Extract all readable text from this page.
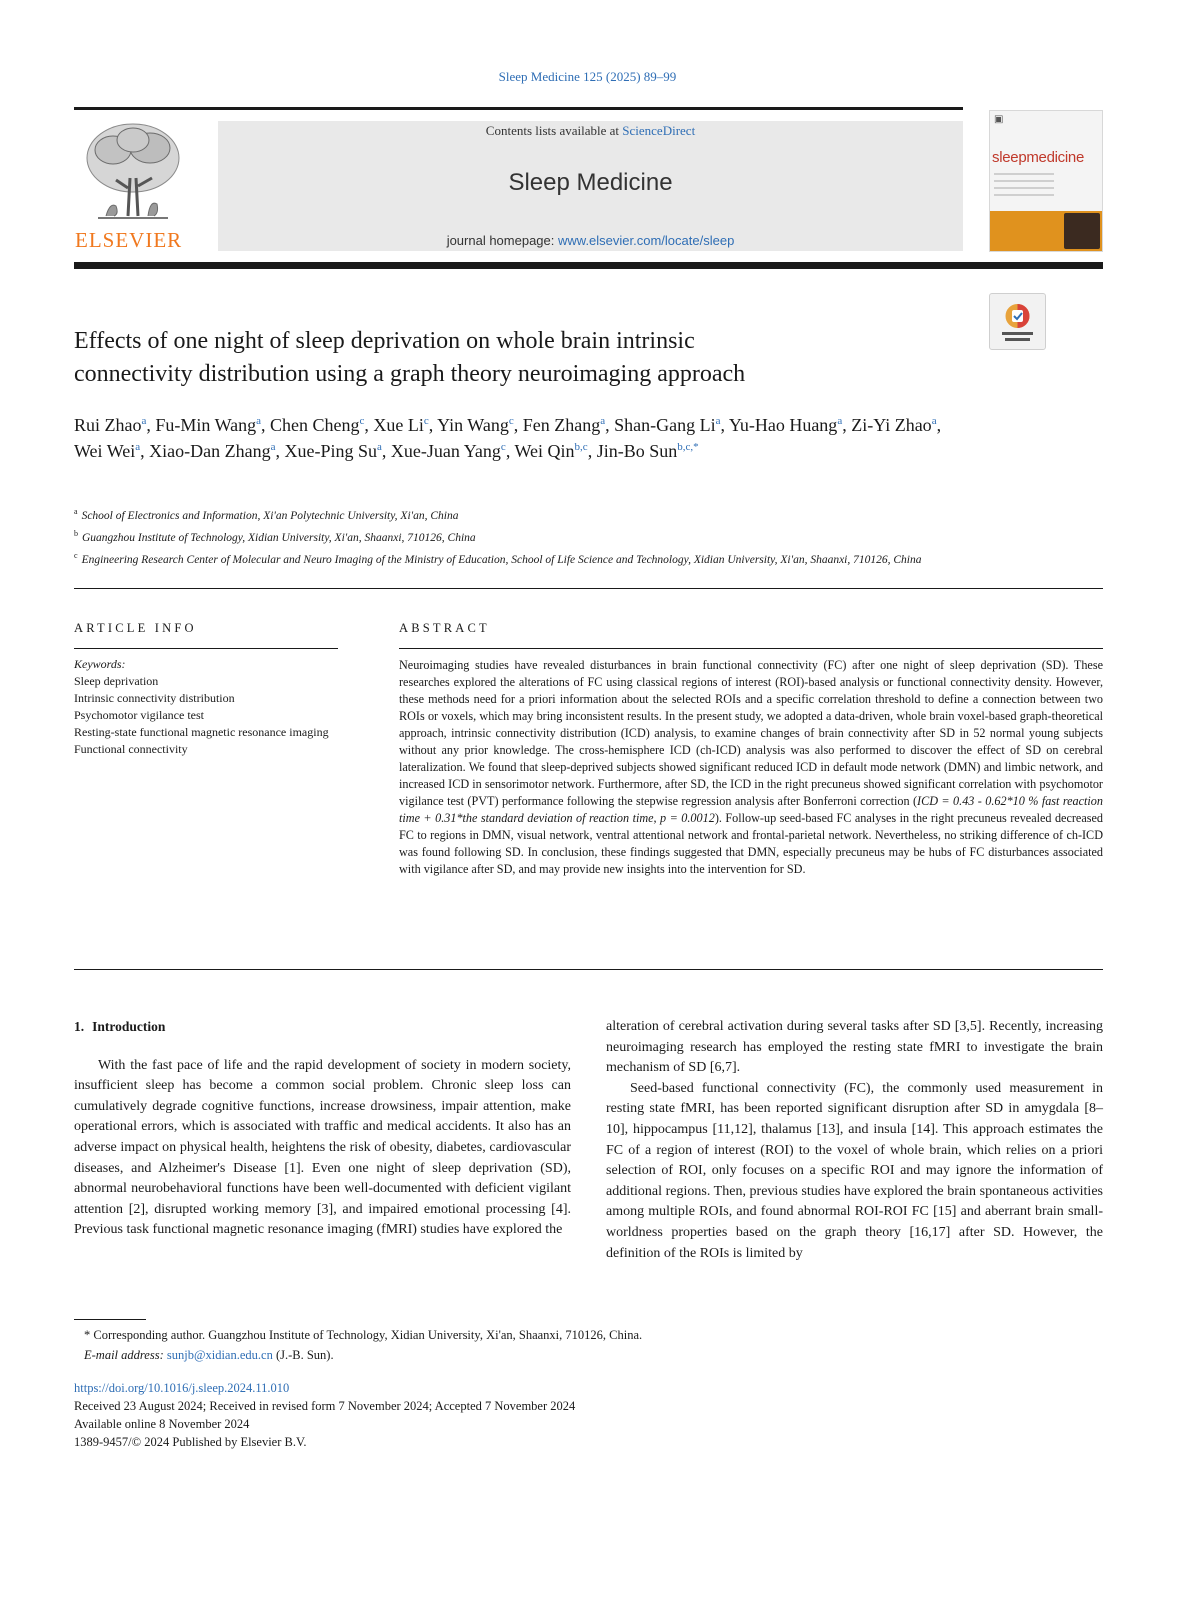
Sleep Medicine 125 (2025) 89–99
ELSEVIER
Contents lists available at ScienceDirect
Sleep Medicine
journal homepage: www.elsevier.com/locate/sleep
▣
sleepmedicine
Effects of one night of sleep deprivation on whole brain intrinsic
connectivity distribution using a graph theory neuroimaging approach
Rui Zhao$^a$, Fu-Min Wang$^a$, Chen Cheng$^c$, Xue Li$^c$, Yin Wang$^c$, Fen Zhang$^a$, Shan-Gang Li$^a$, Yu-Hao Huang$^a$, Zi-Yi Zhao$^a$, Wei Wei$^a$, Xiao-Dan Zhang$^a$, Xue-Ping Su$^a$, Xue-Juan Yang$^c$, Wei Qin$^{b,c}$, Jin-Bo Sun$^{b,c,*}$
$^a$ School of Electronics and Information, Xi'an Polytechnic University, Xi'an, China
$^b$ Guangzhou Institute of Technology, Xidian University, Xi'an, Shaanxi, 710126, China
$^c$ Engineering Research Center of Molecular and Neuro Imaging of the Ministry of Education, School of Life Science and Technology, Xidian University, Xi'an, Shaanxi, 710126, China
ARTICLE INFO
Keywords:
Sleep deprivation
Intrinsic connectivity distribution
Psychomotor vigilance test
Resting-state functional magnetic resonance imaging
Functional connectivity
ABSTRACT
Neuroimaging studies have revealed disturbances in brain functional connectivity (FC) after one night of sleep deprivation (SD). These researches explored the alterations of FC using classical regions of interest (ROI)-based analysis or functional connectivity density. However, these methods need for a priori information about the selected ROIs and a specific correlation threshold to define a connection between two ROIs or voxels, which may bring inconsistent results. In the present study, we adopted a data-driven, whole brain voxel-based graph-theoretical approach, intrinsic connectivity distribution (ICD) analysis, to examine changes of brain connectivity after SD in 52 normal young subjects without any prior knowledge. The cross-hemisphere ICD (ch-ICD) analysis was also performed to discover the effect of SD on cerebral lateralization. We found that sleep-deprived subjects showed significant reduced ICD in default mode network (DMN) and limbic network, and increased ICD in sensorimotor network. Furthermore, after SD, the ICD in the right precuneus showed significant correlation with psychomotor vigilance test (PVT) performance following the stepwise regression analysis after Bonferroni correction (ICD = 0.43 - 0.62*10 % fast reaction time + 0.31*the standard deviation of reaction time, p = 0.0012). Follow-up seed-based FC analyses in the right precuneus revealed decreased FC to regions in DMN, visual network, ventral attentional network and frontal-parietal network. Nevertheless, no striking difference of ch-ICD was found following SD. In conclusion, these findings suggested that DMN, especially precuneus may be hubs of FC disturbances associated with vigilance after SD, and may provide new insights into the intervention for SD.
1. Introduction

With the fast pace of life and the rapid development of society in modern society, insufficient sleep has become a common social problem. Chronic sleep loss can cumulatively degrade cognitive functions, increase drowsiness, impair attention, make operational errors, which is associated with traffic and medical accidents. It also has an adverse impact on physical health, heightens the risk of obesity, diabetes, cardiovascular diseases, and Alzheimer's Disease [1]. Even one night of sleep deprivation (SD), abnormal neurobehavioral functions have been well-documented with deficient vigilant attention [2], disrupted working memory [3], and impaired emotional processing [4]. Previous task functional magnetic resonance imaging (fMRI) studies have explored the

alteration of cerebral activation during several tasks after SD [3,5]. Recently, increasing neuroimaging research has employed the resting state fMRI to investigate the brain mechanism of SD [6,7].

Seed-based functional connectivity (FC), the commonly used measurement in resting state fMRI, has been reported significant disruption after SD in amygdala [8–10], hippocampus [11,12], thalamus [13], and insula [14]. This approach estimates the FC of a region of interest (ROI) to the voxel of whole brain, which relies on a priori selection of ROI, only focuses on a specific ROI and may ignore the information of additional regions. Then, previous studies have explored the brain spontaneous activities among multiple ROIs, and found abnormal ROI-ROI FC [15] and aberrant brain small-worldness properties based on the graph theory [16,17] after SD. However, the definition of the ROIs is limited by

* Corresponding author. Guangzhou Institute of Technology, Xidian University, Xi'an, Shaanxi, 710126, China.
E-mail address: sunjb@xidian.edu.cn (J.-B. Sun).
https://doi.org/10.1016/j.sleep.2024.11.010
Received 23 August 2024; Received in revised form 7 November 2024; Accepted 7 November 2024
Available online 8 November 2024
1389-9457/© 2024 Published by Elsevier B.V.
